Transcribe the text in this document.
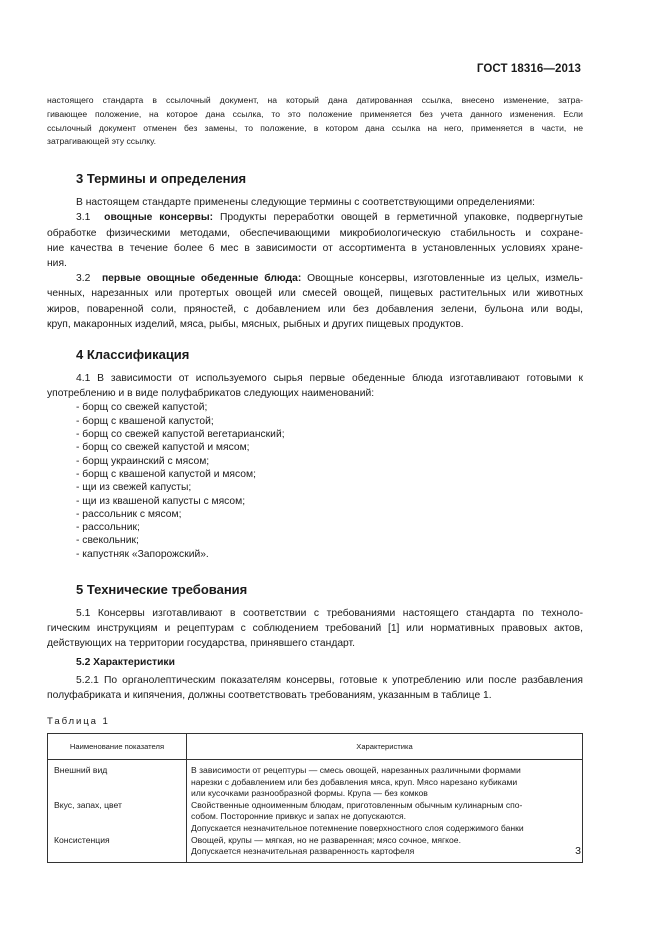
ГОСТ 18316—2013

настоящего стандарта в ссылочный документ, на который дана датированная ссылка, внесено изменение, затра-
гивающее положение, на которое дана ссылка, то это положение применяется без учета данного изменения. Если
ссылочный документ отменен без замены, то положение, в котором дана ссылка на него, применяется в части, не
затрагивающей эту ссылку.

3 Термины и определения

В настоящем стандарте применены следующие термины с соответствующими определениями:

3.1 овощные консервы: Продукты переработки овощей в герметичной упаковке, подвергнутые
обработке физическими методами, обеспечивающими микробиологическую стабильность и сохране-
ние качества в течение более 6 мес в зависимости от ассортимента в установленных условиях хране-
ния.

3.2 первые овощные обеденные блюда: Овощные консервы, изготовленные из целых, измель-
ченных, нарезанных или протертых овощей или смесей овощей, пищевых растительных или животных
жиров, поваренной соли, пряностей, с добавлением или без добавления зелени, бульона или воды,
круп, макаронных изделий, мяса, рыбы, мясных, рыбных и других пищевых продуктов.

4 Классификация

4.1 В зависимости от используемого сырья первые обеденные блюда изготавливают готовыми к
употреблению и в виде полуфабрикатов следующих наименований:

- борщ со свежей капустой;
- борщ с квашеной капустой;
- борщ со свежей капустой вегетарианский;
- борщ со свежей капустой и мясом;
- борщ украинский с мясом;
- борщ с квашеной капустой и мясом;
- щи из свежей капусты;
- щи из квашеной капусты с мясом;
- рассольник с мясом;
- рассольник;
- свекольник;
- капустняк «Запорожский».
5 Технические требования

5.1 Консервы изготавливают в соответствии с требованиями настоящего стандарта по техноло-
гическим инструкциям и рецептурам с соблюдением требований [1] или нормативных правовых актов,
действующих на территории государства, принявшего стандарт.

5.2 Характеристики

5.2.1 По органолептическим показателям консервы, готовые к употреблению или после разбавления
полуфабриката и кипячения, должны соответствовать требованиям, указанным в таблице 1.

Таблица 1

Наименование показателя	Характеристика
Внешний вид	В зависимости от рецептуры — смесь овощей, нарезанных различными формами
нарезки с добавлением или без добавления мяса, круп. Мясо нарезано кубиками
или кусочками разнообразной формы. Крупа — без комков

Вкус, запах, цвет	Свойственные одноименным блюдам, приготовленным обычным кулинарным спо-
собом. Посторонние привкус и запах не допускаются.
Допускается незначительное потемнение поверхностного слоя содержимого банки

Консистенция	Овощей, крупы — мягкая, но не разваренная; мясо сочное, мягкое.
Допускается незначительная разваренность картофеля	3
